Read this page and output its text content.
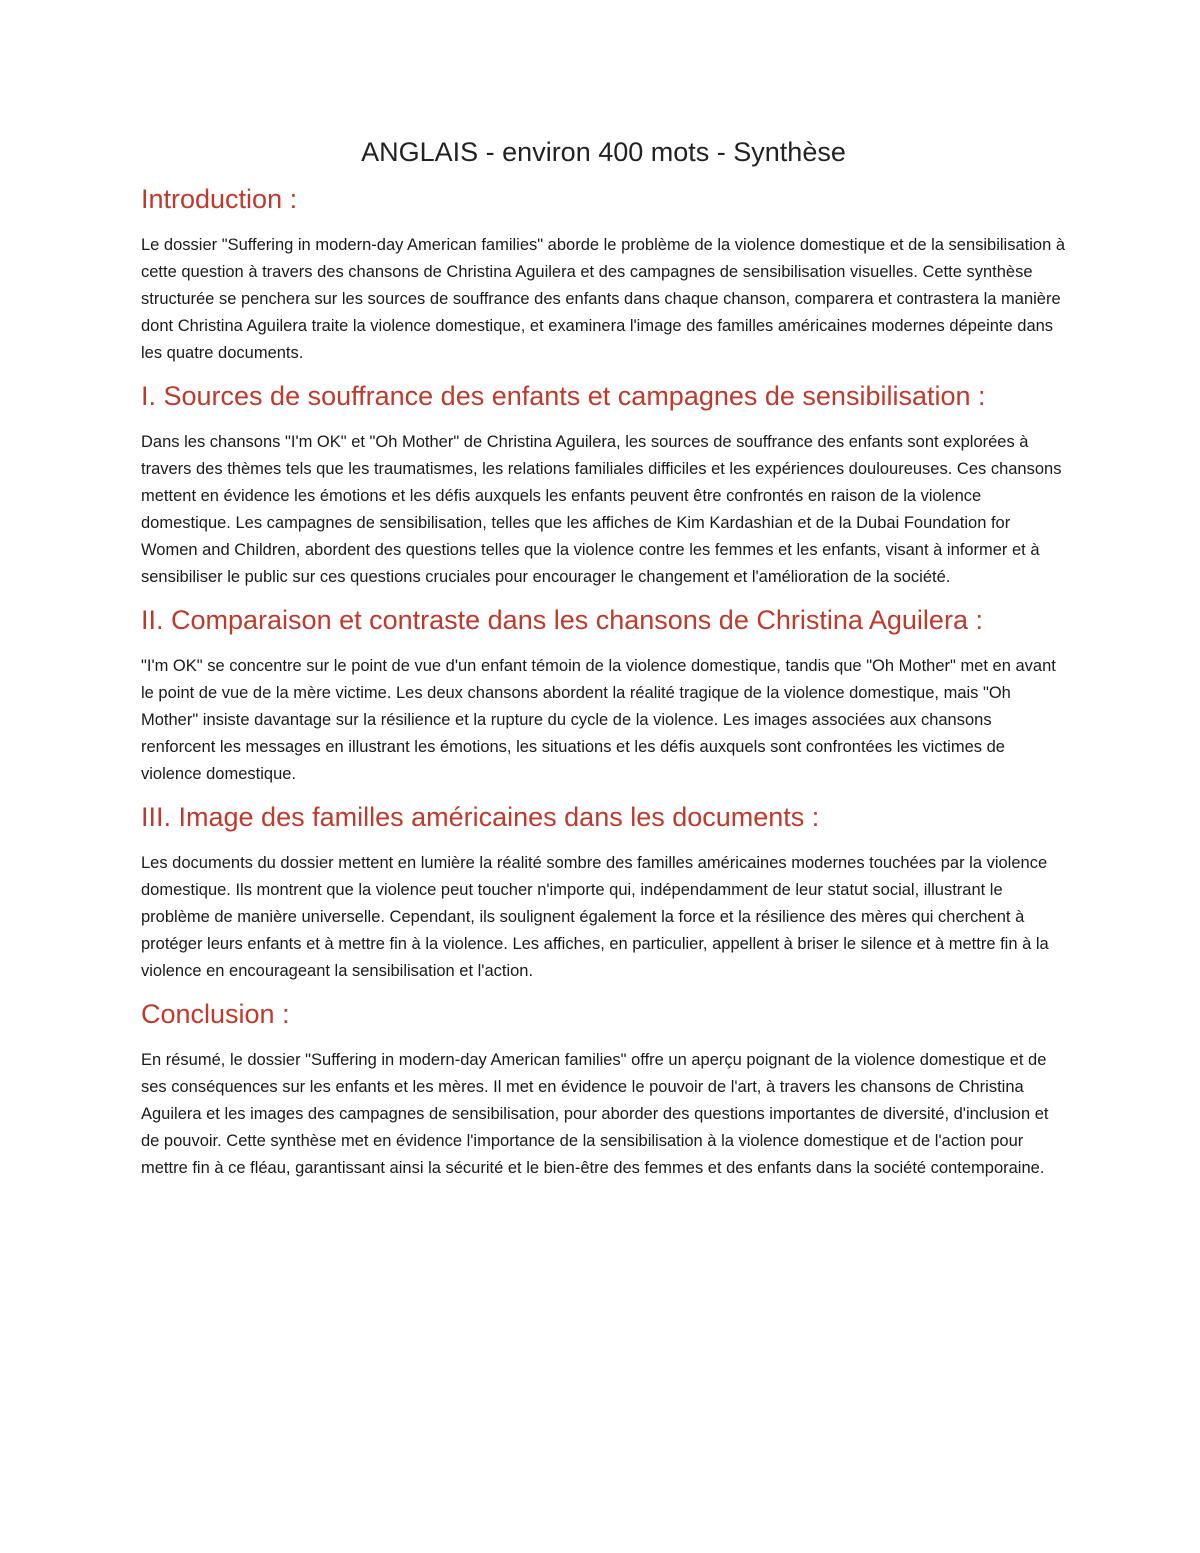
ANGLAIS - environ 400 mots - Synthèse
Introduction :

Le dossier "Suffering in modern-day American families" aborde le problème de la violence domestique et de la sensibilisation à cette question à travers des chansons de Christina Aguilera et des campagnes de sensibilisation visuelles. Cette synthèse structurée se penchera sur les sources de souffrance des enfants dans chaque chanson, comparera et contrastera la manière dont Christina Aguilera traite la violence domestique, et examinera l'image des familles américaines modernes dépeinte dans les quatre documents.

I. Sources de souffrance des enfants et campagnes de sensibilisation :

Dans les chansons "I'm OK" et "Oh Mother" de Christina Aguilera, les sources de souffrance des enfants sont explorées à travers des thèmes tels que les traumatismes, les relations familiales difficiles et les expériences douloureuses. Ces chansons mettent en évidence les émotions et les défis auxquels les enfants peuvent être confrontés en raison de la violence domestique. Les campagnes de sensibilisation, telles que les affiches de Kim Kardashian et de la Dubai Foundation for Women and Children, abordent des questions telles que la violence contre les femmes et les enfants, visant à informer et à sensibiliser le public sur ces questions cruciales pour encourager le changement et l'amélioration de la société.

II. Comparaison et contraste dans les chansons de Christina Aguilera :

"I'm OK" se concentre sur le point de vue d'un enfant témoin de la violence domestique, tandis que "Oh Mother" met en avant le point de vue de la mère victime. Les deux chansons abordent la réalité tragique de la violence domestique, mais "Oh Mother" insiste davantage sur la résilience et la rupture du cycle de la violence. Les images associées aux chansons renforcent les messages en illustrant les émotions, les situations et les défis auxquels sont confrontées les victimes de violence domestique.

III. Image des familles américaines dans les documents :

Les documents du dossier mettent en lumière la réalité sombre des familles américaines modernes touchées par la violence domestique. Ils montrent que la violence peut toucher n'importe qui, indépendamment de leur statut social, illustrant le problème de manière universelle. Cependant, ils soulignent également la force et la résilience des mères qui cherchent à protéger leurs enfants et à mettre fin à la violence. Les affiches, en particulier, appellent à briser le silence et à mettre fin à la violence en encourageant la sensibilisation et l'action.

Conclusion :

En résumé, le dossier "Suffering in modern-day American families" offre un aperçu poignant de la violence domestique et de ses conséquences sur les enfants et les mères. Il met en évidence le pouvoir de l'art, à travers les chansons de Christina Aguilera et les images des campagnes de sensibilisation, pour aborder des questions importantes de diversité, d'inclusion et de pouvoir. Cette synthèse met en évidence l'importance de la sensibilisation à la violence domestique et de l'action pour mettre fin à ce fléau, garantissant ainsi la sécurité et le bien-être des femmes et des enfants dans la société contemporaine.
